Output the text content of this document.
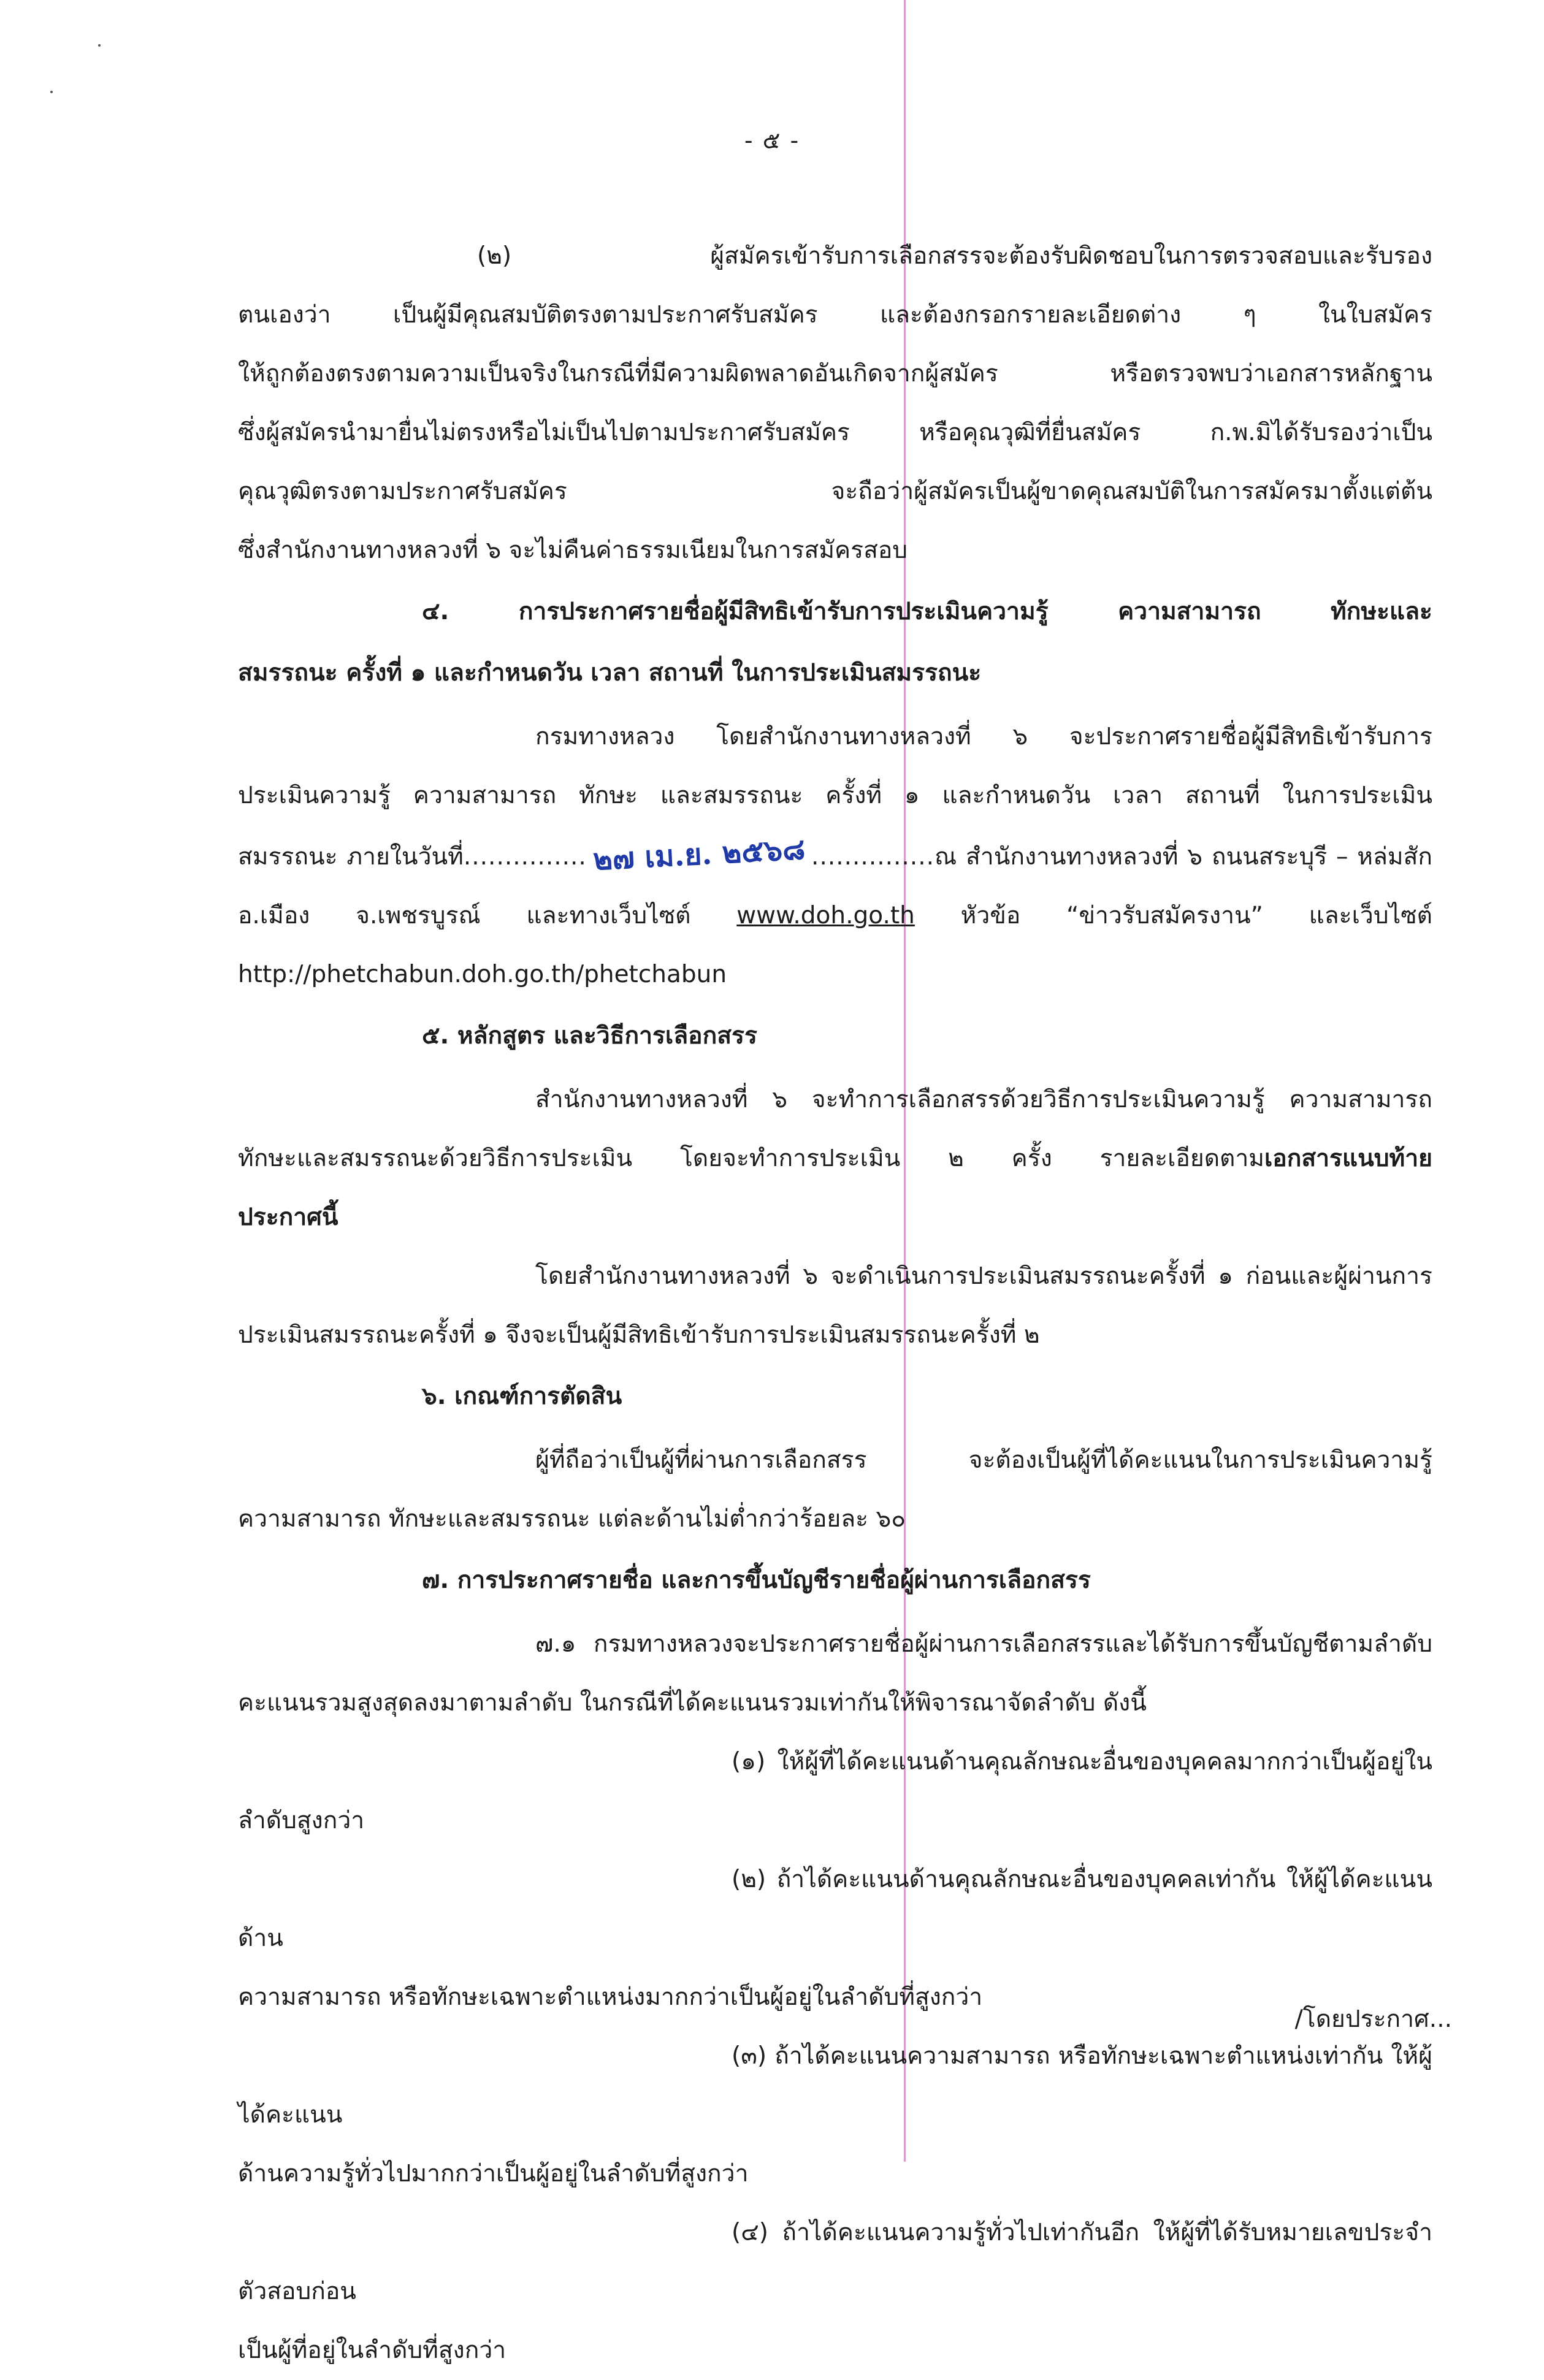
- ๕ -

(๒) ผู้สมัครเข้ารับการเลือกสรรจะต้องรับผิดชอบในการตรวจสอบและรับรอง

ตนเองว่า เป็นผู้มีคุณสมบัติตรงตามประกาศรับสมัคร และต้องกรอกรายละเอียดต่าง ๆ ในใบสมัคร

ให้ถูกต้องตรงตามความเป็นจริงในกรณีที่มีความผิดพลาดอันเกิดจากผู้สมัคร หรือตรวจพบว่าเอกสารหลักฐาน

ซึ่งผู้สมัครนำมายื่นไม่ตรงหรือไม่เป็นไปตามประกาศรับสมัคร หรือคุณวุฒิที่ยื่นสมัคร ก.พ.มิได้รับรองว่าเป็น

คุณวุฒิตรงตามประกาศรับสมัคร จะถือว่าผู้สมัครเป็นผู้ขาดคุณสมบัติในการสมัครมาตั้งแต่ต้น

ซึ่งสำนักงานทางหลวงที่ ๖ จะไม่คืนค่าธรรมเนียมในการสมัครสอบ

๔. การประกาศรายชื่อผู้มีสิทธิเข้ารับการประเมินความรู้ ความสามารถ ทักษะและ

สมรรถนะ ครั้งที่ ๑ และกำหนดวัน เวลา สถานที่ ในการประเมินสมรรถนะ

กรมทางหลวง โดยสำนักงานทางหลวงที่ ๖ จะประกาศรายชื่อผู้มีสิทธิเข้ารับการ

ประเมินความรู้ ความสามารถ ทักษะ และสมรรถนะ ครั้งที่ ๑ และกำหนดวัน เวลา สถานที่ ในการประเมิน

สมรรถนะ ภายในวันที่............... ๒๗ เม.ย. ๒๕๖๘ ...............ณ สำนักงานทางหลวงที่ ๖ ถนนสระบุรี – หล่มสัก

อ.เมือง จ.เพชรบูรณ์ และทางเว็บไซต์ www.doh.go.th หัวข้อ “ข่าวรับสมัครงาน” และเว็บไซต์

http://phetchabun.doh.go.th/phetchabun

๕. หลักสูตร และวิธีการเลือกสรร

สำนักงานทางหลวงที่ ๖ จะทำการเลือกสรรด้วยวิธีการประเมินความรู้ ความสามารถ

ทักษะและสมรรถนะด้วยวิธีการประเมิน โดยจะทำการประเมิน ๒ ครั้ง รายละเอียดตามเอกสารแนบท้าย

ประกาศนี้

โดยสำนักงานทางหลวงที่ ๖ จะดำเนินการประเมินสมรรถนะครั้งที่ ๑ ก่อนและผู้ผ่านการ

ประเมินสมรรถนะครั้งที่ ๑ จึงจะเป็นผู้มีสิทธิเข้ารับการประเมินสมรรถนะครั้งที่ ๒

๖. เกณฑ์การตัดสิน

ผู้ที่ถือว่าเป็นผู้ที่ผ่านการเลือกสรร จะต้องเป็นผู้ที่ได้คะแนนในการประเมินความรู้

ความสามารถ ทักษะและสมรรถนะ แต่ละด้านไม่ต่ำกว่าร้อยละ ๖๐

๗. การประกาศรายชื่อ และการขึ้นบัญชีรายชื่อผู้ผ่านการเลือกสรร

๗.๑ กรมทางหลวงจะประกาศรายชื่อผู้ผ่านการเลือกสรรและได้รับการขึ้นบัญชีตามลำดับ

คะแนนรวมสูงสุดลงมาตามลำดับ ในกรณีที่ได้คะแนนรวมเท่ากันให้พิจารณาจัดลำดับ ดังนี้

(๑) ให้ผู้ที่ได้คะแนนด้านคุณลักษณะอื่นของบุคคลมากกว่าเป็นผู้อยู่ในลำดับสูงกว่า

(๒) ถ้าได้คะแนนด้านคุณลักษณะอื่นของบุคคลเท่ากัน ให้ผู้ได้คะแนนด้าน

ความสามารถ หรือทักษะเฉพาะตำแหน่งมากกว่าเป็นผู้อยู่ในลำดับที่สูงกว่า

(๓) ถ้าได้คะแนนความสามารถ หรือทักษะเฉพาะตำแหน่งเท่ากัน ให้ผู้ได้คะแนน

ด้านความรู้ทั่วไปมากกว่าเป็นผู้อยู่ในลำดับที่สูงกว่า

(๔) ถ้าได้คะแนนความรู้ทั่วไปเท่ากันอีก ให้ผู้ที่ได้รับหมายเลขประจำตัวสอบก่อน

เป็นผู้ที่อยู่ในลำดับที่สูงกว่า

/โดยประกาศ...
